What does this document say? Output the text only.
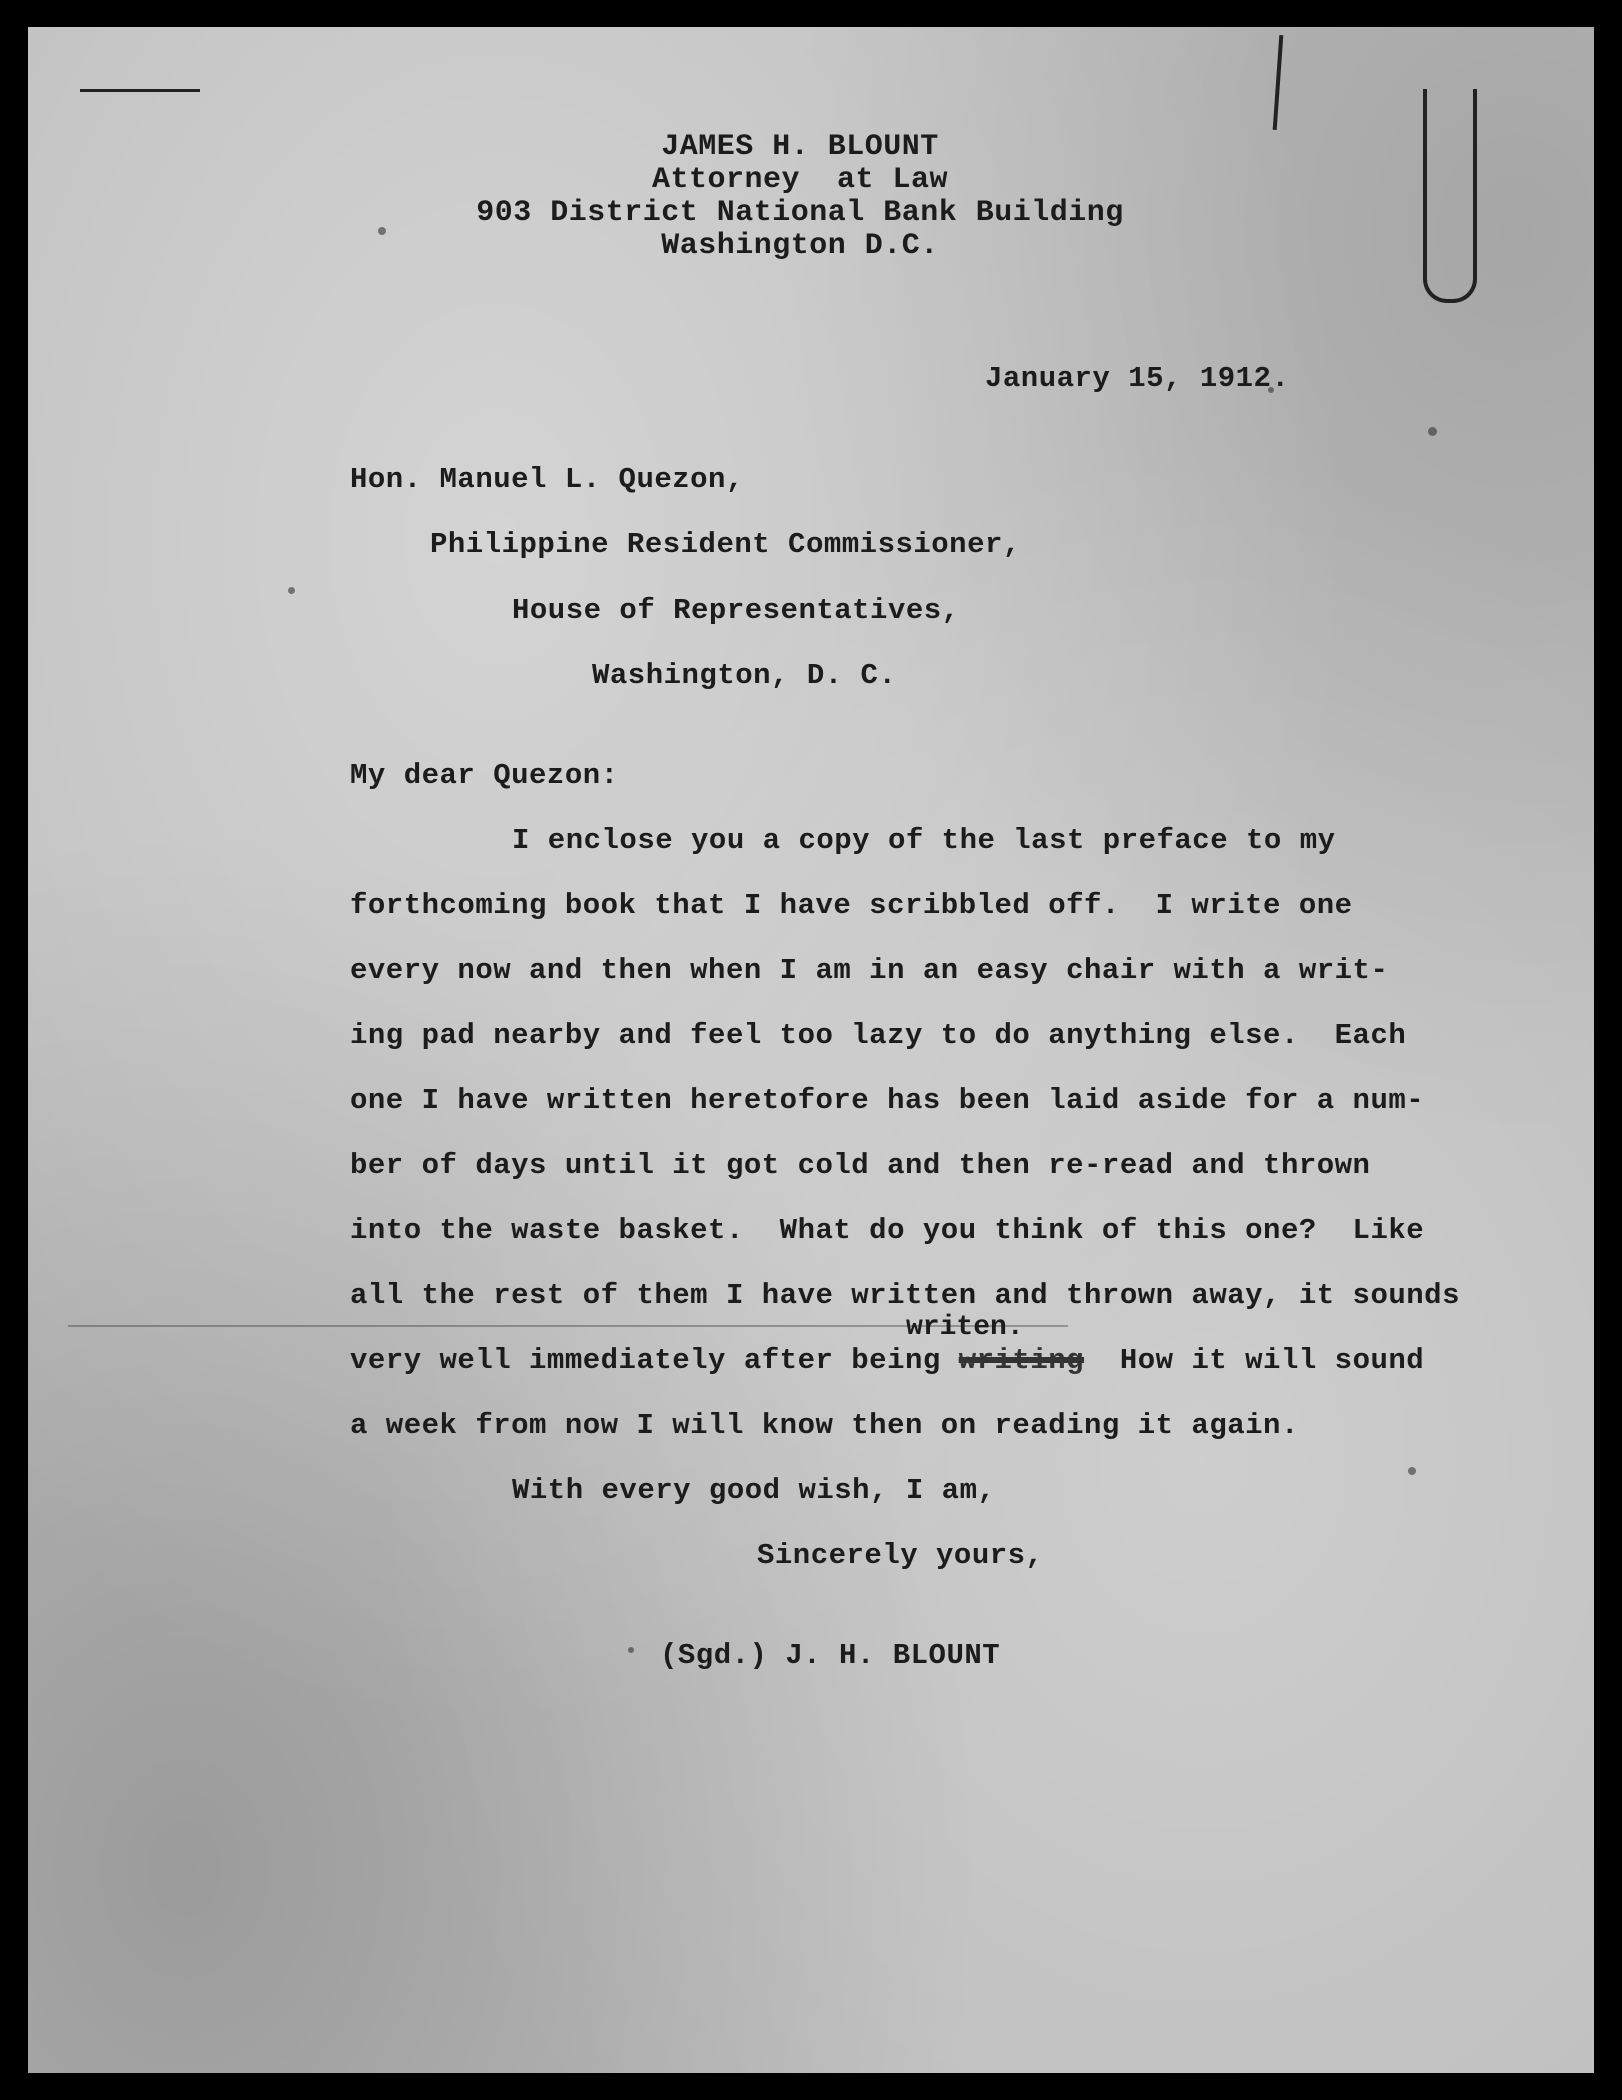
JAMES H. BLOUNT
Attorney  at Law
903 District National Bank Building
Washington D.C.
January 15, 1912.
Hon. Manuel L. Quezon,
Philippine Resident Commissioner,
House of Representatives,
Washington, D. C.
My dear Quezon:
I enclose you a copy of the last preface to my
forthcoming book that I have scribbled off.  I write one
every now and then when I am in an easy chair with a writ-
ing pad nearby and feel too lazy to do anything else.  Each
one I have written heretofore has been laid aside for a num-
ber of days until it got cold and then re-read and thrown
into the waste basket.  What do you think of this one?  Like
all the rest of them I have written and thrown away, it sounds
writen.
very well immediately after being writing  How it will sound
a week from now I will know then on reading it again.
With every good wish, I am,
Sincerely yours,
(Sgd.) J. H. BLOUNT
